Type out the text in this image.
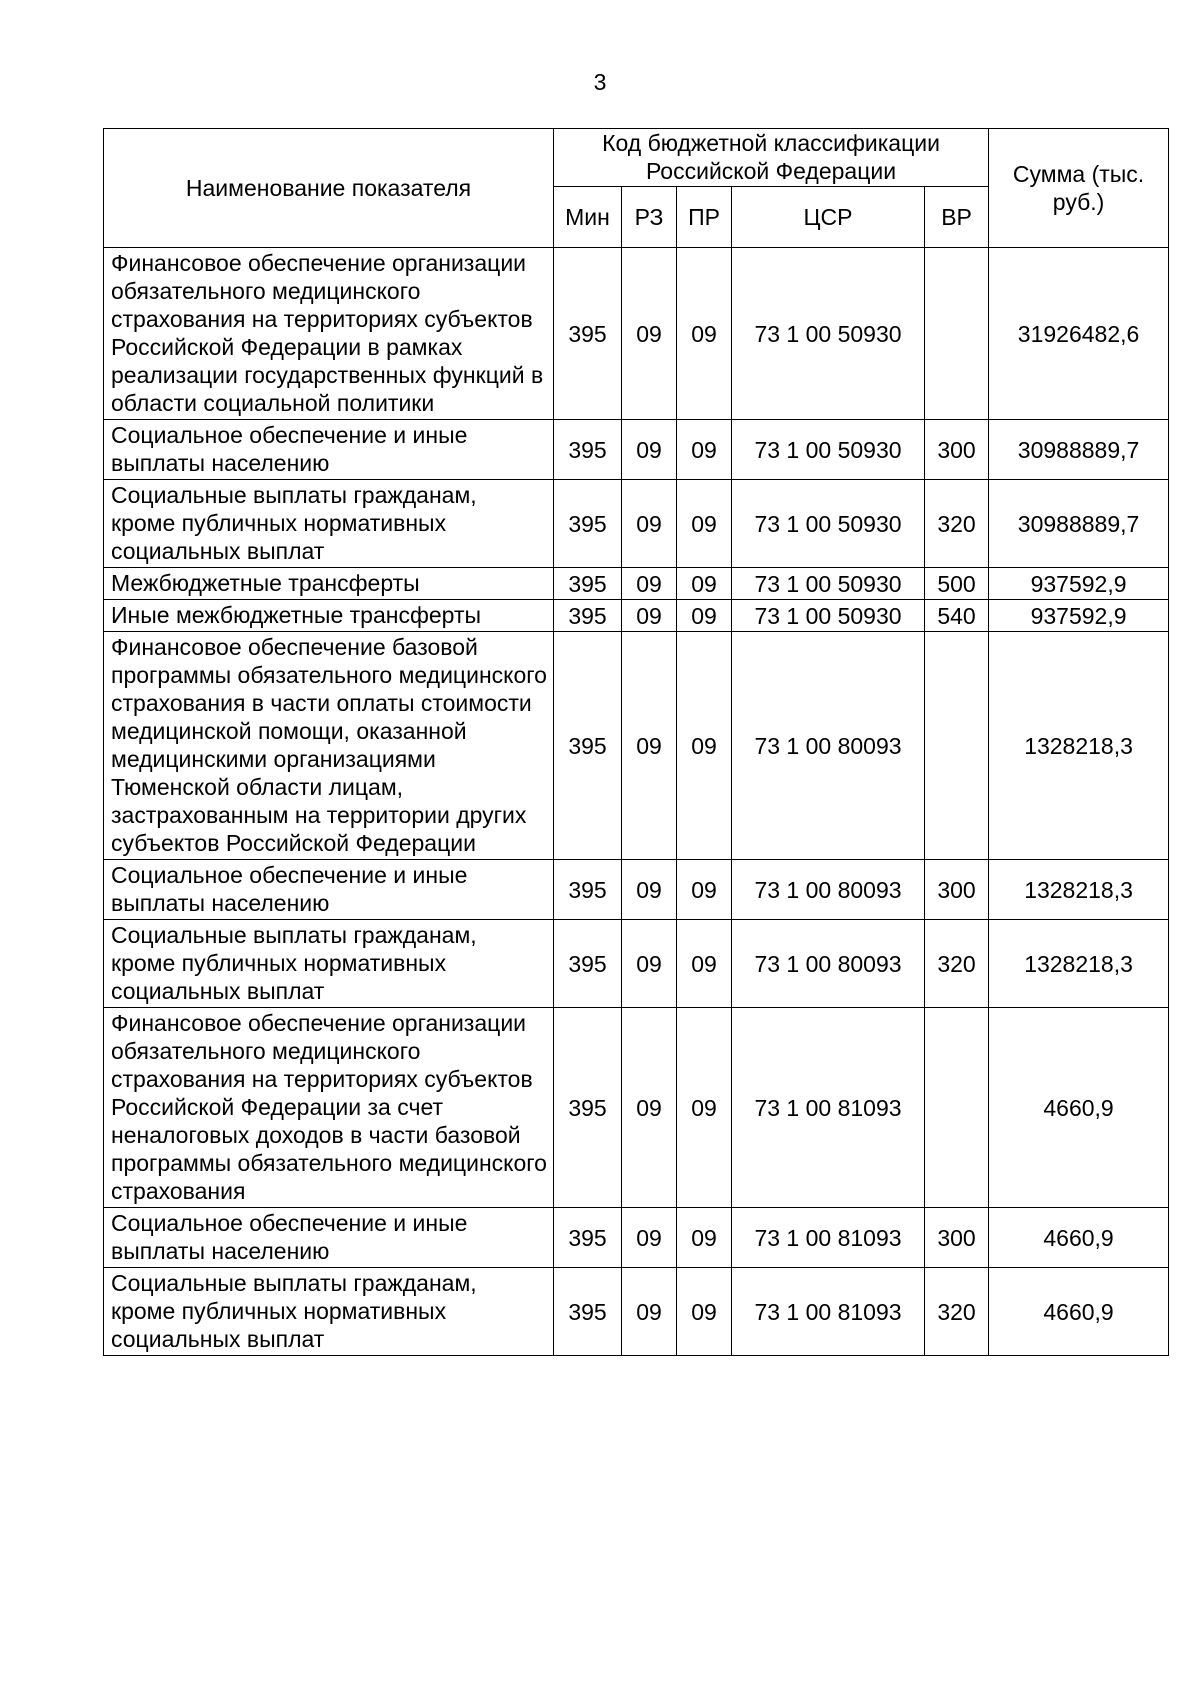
3
Наименование показателя	Код бюджетной классификации Российской Федерации					Сумма (тыс. руб.)
	Мин	РЗ	ПР	ЦСР	ВР	
Финансовое обеспечение организации обязательного медицинского страхования на территориях субъектов Российской Федерации в рамках реализации государственных функций в области социальной политики	395	09	09	73 1 00 50930		31926482,6
Социальное обеспечение и иные выплаты населению	395	09	09	73 1 00 50930	300	30988889,7
Социальные выплаты гражданам, кроме публичных нормативных социальных выплат	395	09	09	73 1 00 50930	320	30988889,7
Межбюджетные трансферты	395	09	09	73 1 00 50930	500	937592,9
Иные межбюджетные трансферты	395	09	09	73 1 00 50930	540	937592,9
Финансовое обеспечение базовой программы обязательного медицинского страхования в части оплаты стоимости медицинской помощи, оказанной медицинскими организациями Тюменской области лицам, застрахованным на территории других субъектов Российской Федерации	395	09	09	73 1 00 80093		1328218,3
Социальное обеспечение и иные выплаты населению	395	09	09	73 1 00 80093	300	1328218,3
Социальные выплаты гражданам, кроме публичных нормативных социальных выплат	395	09	09	73 1 00 80093	320	1328218,3
Финансовое обеспечение организации обязательного медицинского страхования на территориях субъектов Российской Федерации за счет неналоговых доходов в части базовой программы обязательного медицинского страхования	395	09	09	73 1 00 81093		4660,9
Социальное обеспечение и иные выплаты населению	395	09	09	73 1 00 81093	300	4660,9
Социальные выплаты гражданам, кроме публичных нормативных социальных выплат	395	09	09	73 1 00 81093	320	4660,9
